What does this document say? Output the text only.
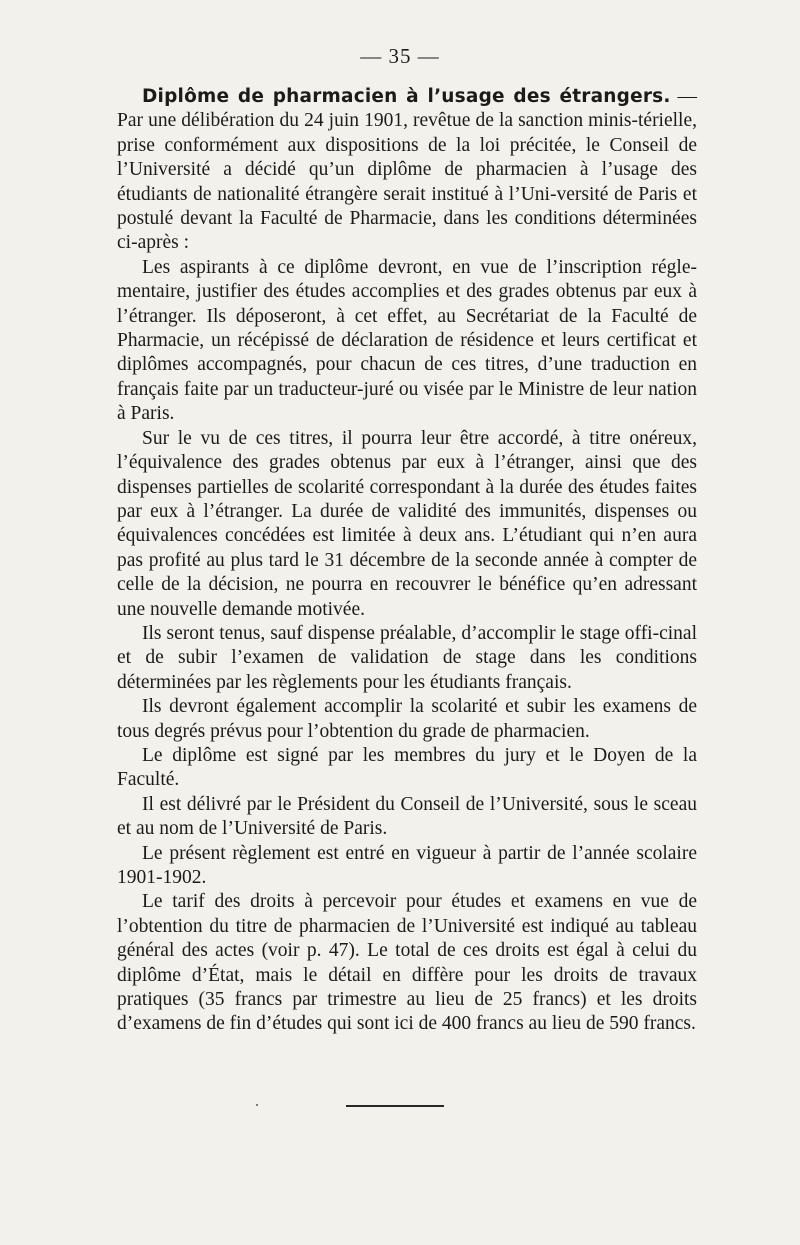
— 35 —

Diplôme de pharmacien à l’usage des étrangers. — Par une délibération du 24 juin 1901, revêtue de la sanction minis-térielle, prise conformément aux dispositions de la loi précitée, le Conseil de l’Université a décidé qu’un diplôme de pharmacien à l’usage des étudiants de nationalité étrangère serait institué à l’Uni-versité de Paris et postulé devant la Faculté de Pharmacie, dans les conditions déterminées ci-après :

Les aspirants à ce diplôme devront, en vue de l’inscription régle-mentaire, justifier des études accomplies et des grades obtenus par eux à l’étranger. Ils déposeront, à cet effet, au Secrétariat de la Faculté de Pharmacie, un récépissé de déclaration de résidence et leurs certificat et diplômes accompagnés, pour chacun de ces titres, d’une traduction en français faite par un traducteur-juré ou visée par le Ministre de leur nation à Paris.

Sur le vu de ces titres, il pourra leur être accordé, à titre onéreux, l’équivalence des grades obtenus par eux à l’étranger, ainsi que des dispenses partielles de scolarité correspondant à la durée des études faites par eux à l’étranger. La durée de validité des immunités, dispenses ou équivalences concédées est limitée à deux ans. L’étudiant qui n’en aura pas profité au plus tard le 31 décembre de la seconde année à compter de celle de la décision, ne pourra en recouvrer le bénéfice qu’en adressant une nouvelle demande motivée.

Ils seront tenus, sauf dispense préalable, d’accomplir le stage offi-cinal et de subir l’examen de validation de stage dans les conditions déterminées par les règlements pour les étudiants français.

Ils devront également accomplir la scolarité et subir les examens de tous degrés prévus pour l’obtention du grade de pharmacien.

Le diplôme est signé par les membres du jury et le Doyen de la Faculté.

Il est délivré par le Président du Conseil de l’Université, sous le sceau et au nom de l’Université de Paris.

Le présent règlement est entré en vigueur à partir de l’année scolaire 1901-1902.

Le tarif des droits à percevoir pour études et examens en vue de l’obtention du titre de pharmacien de l’Université est indiqué au tableau général des actes (voir p. 47). Le total de ces droits est égal à celui du diplôme d’État, mais le détail en diffère pour les droits de travaux pratiques (35 francs par trimestre au lieu de 25 francs) et les droits d’examens de fin d’études qui sont ici de 400 francs au lieu de 590 francs.
